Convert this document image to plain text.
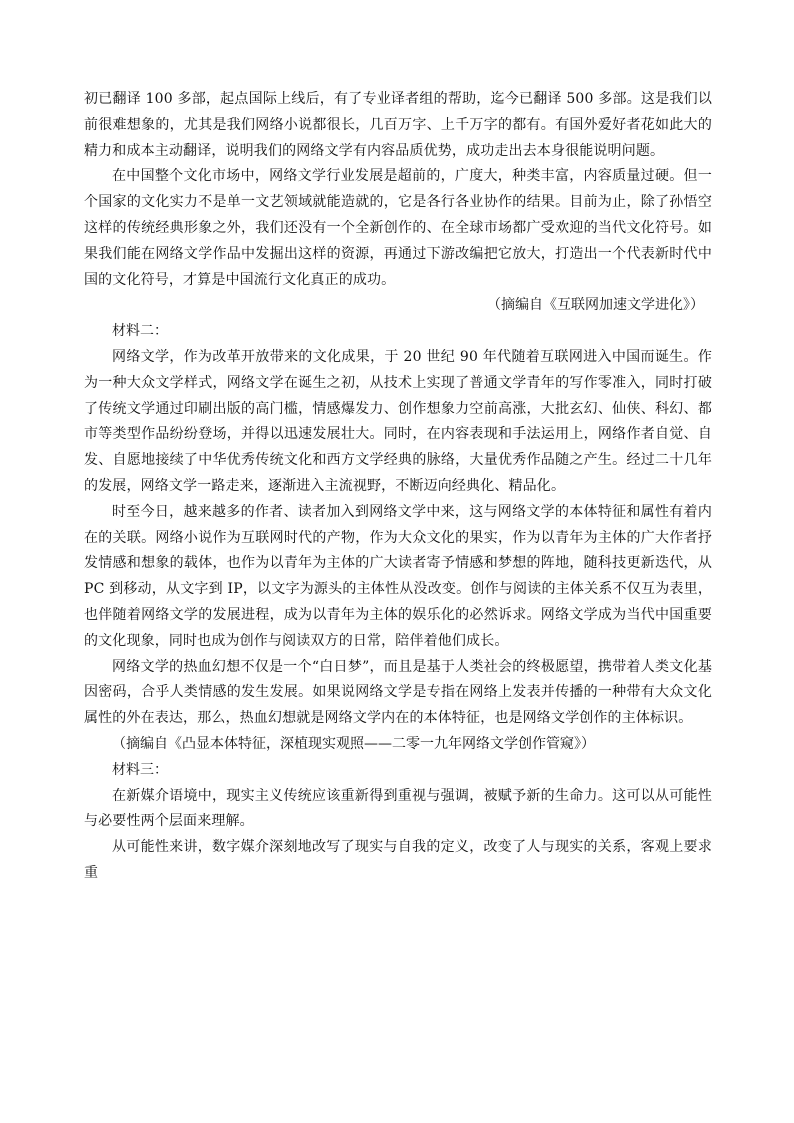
初已翻译 100 多部，起点国际上线后，有了专业译者组的帮助，迄今已翻译 500 多部。这是我们以前很难想象的，尤其是我们网络小说都很长，几百万字、上千万字的都有。有国外爱好者花如此大的精力和成本主动翻译，说明我们的网络文学有内容品质优势，成功走出去本身很能说明问题。

在中国整个文化市场中，网络文学行业发展是超前的，广度大，种类丰富，内容质量过硬。但一个国家的文化实力不是单一文艺领域就能造就的，它是各行各业协作的结果。目前为止，除了孙悟空这样的传统经典形象之外，我们还没有一个全新创作的、在全球市场都广受欢迎的当代文化符号。如果我们能在网络文学作品中发掘出这样的资源，再通过下游改编把它放大，打造出一个代表新时代中国的文化符号，才算是中国流行文化真正的成功。

（摘编自《互联网加速文学进化》）

材料二：

网络文学，作为改革开放带来的文化成果，于 20 世纪 90 年代随着互联网进入中国而诞生。作为一种大众文学样式，网络文学在诞生之初，从技术上实现了普通文学青年的写作零准入，同时打破了传统文学通过印刷出版的高门槛，情感爆发力、创作想象力空前高涨，大批玄幻、仙侠、科幻、都市等类型作品纷纷登场，并得以迅速发展壮大。同时，在内容表现和手法运用上，网络作者自觉、自发、自愿地接续了中华优秀传统文化和西方文学经典的脉络，大量优秀作品随之产生。经过二十几年的发展，网络文学一路走来，逐渐进入主流视野，不断迈向经典化、精品化。

时至今日，越来越多的作者、读者加入到网络文学中来，这与网络文学的本体特征和属性有着内在的关联。网络小说作为互联网时代的产物，作为大众文化的果实，作为以青年为主体的广大作者抒发情感和想象的载体，也作为以青年为主体的广大读者寄予情感和梦想的阵地，随科技更新迭代，从 PC 到移动，从文字到 IP，以文字为源头的主体性从没改变。创作与阅读的主体关系不仅互为表里，也伴随着网络文学的发展进程，成为以青年为主体的娱乐化的必然诉求。网络文学成为当代中国重要的文化现象，同时也成为创作与阅读双方的日常，陪伴着他们成长。

网络文学的热血幻想不仅是一个“白日梦”，而且是基于人类社会的终极愿望，携带着人类文化基因密码，合乎人类情感的发生发展。如果说网络文学是专指在网络上发表并传播的一种带有大众文化属性的外在表达，那么，热血幻想就是网络文学内在的本体特征，也是网络文学创作的主体标识。

（摘编自《凸显本体特征，深植现实观照——二零一九年网络文学创作管窥》）

材料三：

在新媒介语境中，现实主义传统应该重新得到重视与强调，被赋予新的生命力。这可以从可能性与必要性两个层面来理解。

从可能性来讲，数字媒介深刻地改写了现实与自我的定义，改变了人与现实的关系，客观上要求重
